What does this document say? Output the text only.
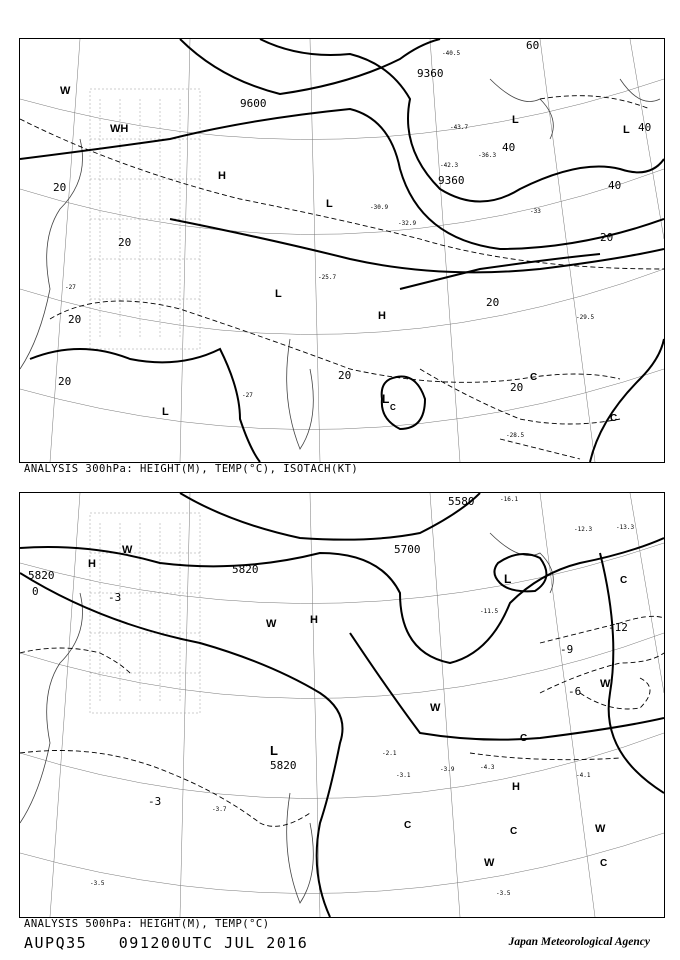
9360
9360
9600
20
20
20
20	20
20
20
20
40
40
40
60
W
WH
H
L
L
L
L
L
H
C
C
L
C
-27
-27
-29.5
-28.5
-25.7
-30.9
-32.9
-36.3
-42.3
-43.7
-40.5
-33
ANALYSIS 300hPa: HEIGHT(M), TEMP(°C), ISOTACH(KT)
5580
5700
5820	5820
5820
-3
-3
-6
-9
-12
0
H
W
H
L
L
H
W
W
C
C
C
W
W	C
C
W
-4.1
-3.9	-4.3
-3.5
-2.1
-3.1
-3.7
-3.5
-11.5
-13.3
-12.3
-16.1
ANALYSIS 500hPa: HEIGHT(M), TEMP(°C)
AUPQ35 091200UTC JUL 2016	Japan Meteorological Agency
